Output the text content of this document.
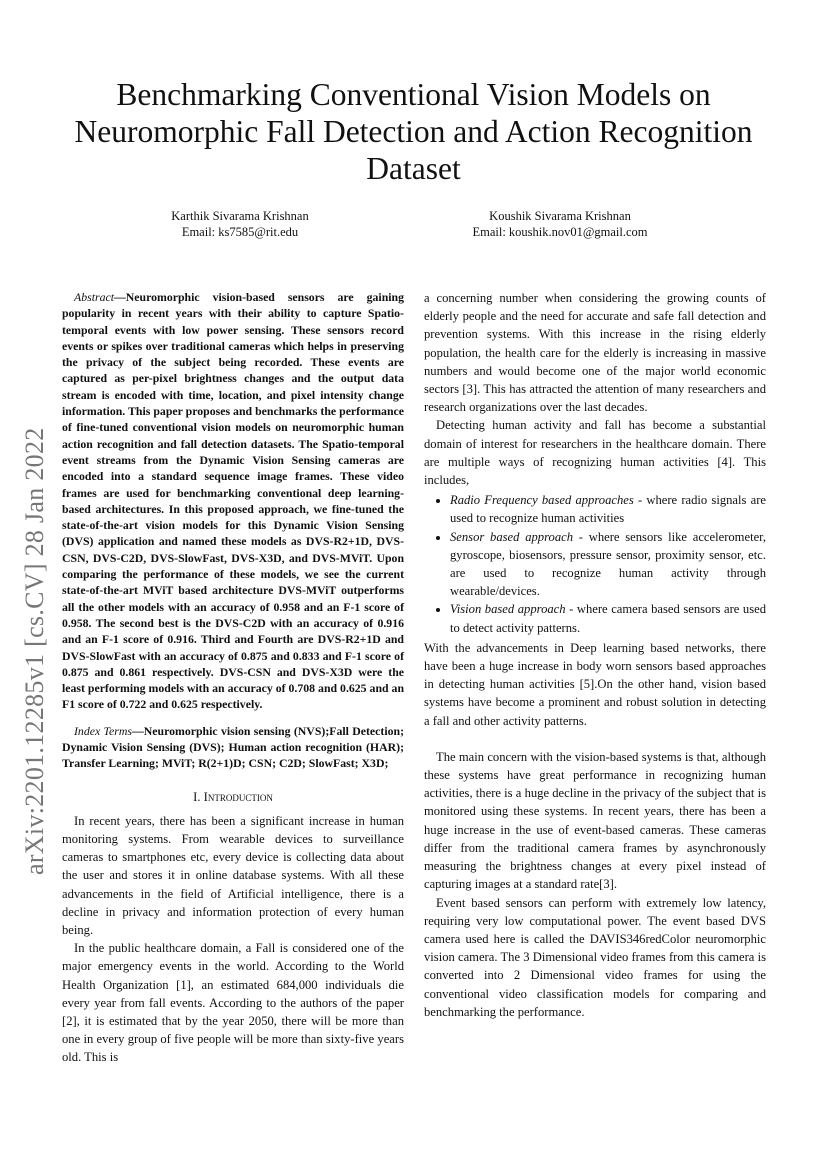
arXiv:2201.12285v1 [cs.CV] 28 Jan 2022
Benchmarking Conventional Vision Models on Neuromorphic Fall Detection and Action Recognition Dataset
Karthik Sivarama Krishnan
Email: ks7585@rit.edu
Koushik Sivarama Krishnan
Email: koushik.nov01@gmail.com

Abstract—Neuromorphic vision-based sensors are gaining popularity in recent years with their ability to capture Spatio-temporal events with low power sensing. These sensors record events or spikes over traditional cameras which helps in preserving the privacy of the subject being recorded. These events are captured as per-pixel brightness changes and the output data stream is encoded with time, location, and pixel intensity change information. This paper proposes and benchmarks the performance of fine-tuned conventional vision models on neuromorphic human action recognition and fall detection datasets. The Spatio-temporal event streams from the Dynamic Vision Sensing cameras are encoded into a standard sequence image frames. These video frames are used for benchmarking conventional deep learning-based architectures. In this proposed approach, we fine-tuned the state-of-the-art vision models for this Dynamic Vision Sensing (DVS) application and named these models as DVS-R2+1D, DVS-CSN, DVS-C2D, DVS-SlowFast, DVS-X3D, and DVS-MViT. Upon comparing the performance of these models, we see the current state-of-the-art MViT based architecture DVS-MViT outperforms all the other models with an accuracy of 0.958 and an F-1 score of 0.958. The second best is the DVS-C2D with an accuracy of 0.916 and an F-1 score of 0.916. Third and Fourth are DVS-R2+1D and DVS-SlowFast with an accuracy of 0.875 and 0.833 and F-1 score of 0.875 and 0.861 respectively. DVS-CSN and DVS-X3D were the least performing models with an accuracy of 0.708 and 0.625 and an F1 score of 0.722 and 0.625 respectively.

Index Terms—Neuromorphic vision sensing (NVS);Fall Detection; Dynamic Vision Sensing (DVS); Human action recognition (HAR); Transfer Learning; MViT; R(2+1)D; CSN; C2D; SlowFast; X3D;

I. Introduction

In recent years, there has been a significant increase in human monitoring systems. From wearable devices to surveillance cameras to smartphones etc, every device is collecting data about the user and stores it in online database systems. With all these advancements in the field of Artificial intelligence, there is a decline in privacy and information protection of every human being.

In the public healthcare domain, a Fall is considered one of the major emergency events in the world. According to the World Health Organization [1], an estimated 684,000 individuals die every year from fall events. According to the authors of the paper [2], it is estimated that by the year 2050, there will be more than one in every group of five people will be more than sixty-five years old. This is

a concerning number when considering the growing counts of elderly people and the need for accurate and safe fall detection and prevention systems. With this increase in the rising elderly population, the health care for the elderly is increasing in massive numbers and would become one of the major world economic sectors [3]. This has attracted the attention of many researchers and research organizations over the last decades.

Detecting human activity and fall has become a substantial domain of interest for researchers in the healthcare domain. There are multiple ways of recognizing human activities [4]. This includes,

• Radio Frequency based approaches - where radio signals are used to recognize human activities
• Sensor based approach - where sensors like accelerometer, gyroscope, biosensors, pressure sensor, proximity sensor, etc. are used to recognize human activity through wearable/devices.
• Vision based approach - where camera based sensors are used to detect activity patterns.

With the advancements in Deep learning based networks, there have been a huge increase in body worn sensors based approaches in detecting human activities [5].On the other hand, vision based systems have become a prominent and robust solution in detecting a fall and other activity patterns.

The main concern with the vision-based systems is that, although these systems have great performance in recognizing human activities, there is a huge decline in the privacy of the subject that is monitored using these systems. In recent years, there has been a huge increase in the use of event-based cameras. These cameras differ from the traditional camera frames by asynchronously measuring the brightness changes at every pixel instead of capturing images at a standard rate[3].

Event based sensors can perform with extremely low latency, requiring very low computational power. The event based DVS camera used here is called the DAVIS346redColor neuromorphic vision camera. The 3 Dimensional video frames from this camera is converted into 2 Dimensional video frames for using the conventional video classification models for comparing and benchmarking the performance.
